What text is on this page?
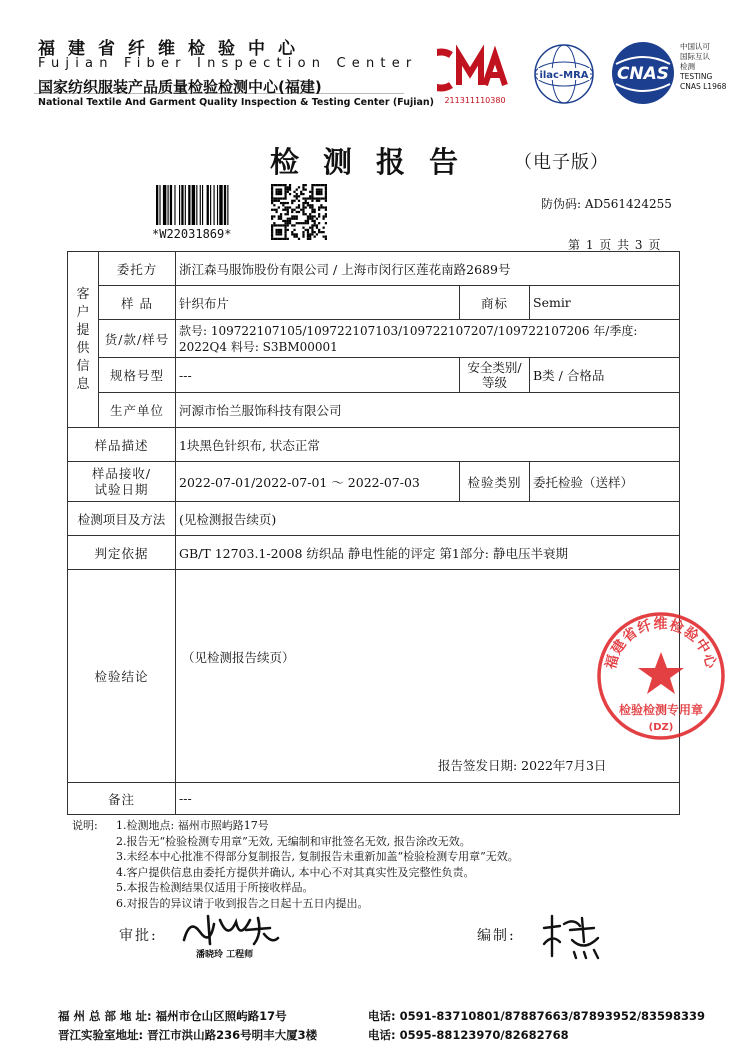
福建省纤维检验中心
Fujian Fiber Inspection Center
国家纺织服装产品质量检验检测中心(福建)
National Textile And Garment Quality Inspection & Testing Center (Fujian)	211311110380
ilac-MRA CNAS
中国认可
国际互认
检测
TESTING
CNAS L1968
检测报告 （电子版）
*W22031869*
防伪码: AD561424255
第 1 页 共 3 页
客户提供信息	委托方	浙江森马服饰股份有限公司 / 上海市闵行区莲花南路2689号		
	样 品	针织布片	商标	Semir
	货/款/样号	款号: 109722107105/109722107103/109722107207/109722107206 年/季度:
2022Q4 料号: S3BM00001		

	规格号型	---	安全类别/
等级	B类 / 合格品
	生产单位	河源市怡兰服饰科技有限公司		
样品描述		1块黑色针织布, 状态正常		

样品接收/
试验日期		2022-07-01/2022-07-01 ～ 2022-07-03	检验类别	委托检验（送样）
检测项目及方法		(见检测报告续页)		
判定依据		GB/T 12703.1-2008 纺织品 静电性能的评定 第1部分: 静电压半衰期		
检验结论		（见检测报告续页）
报告签发日期: 2022年7月3日		

备注		---		
说明:	1.检测地点: 福州市照屿路17号
2.报告无“检验检测专用章”无效, 无编制和审批签名无效, 报告涂改无效。
3.未经本中心批准不得部分复制报告, 复制报告未重新加盖“检验检测专用章”无效。
4.客户提供信息由委托方提供并确认, 本中心不对其真实性及完整性负责。
5.本报告检测结果仅适用于所接收样品。
6.对报告的异议请于收到报告之日起十五日内提出。
审批:
潘晓玲 工程师
编制:
福建省纤维检验中心
检验检测专用章
(DZ)
福 州 总 部 地 址: 福州市仓山区照屿路17号	电话: 0591-83710801/87887663/87893952/83598339
晋江实验室地址: 晋江市洪山路236号明丰大厦3楼	电话: 0595-88123970/82682768
